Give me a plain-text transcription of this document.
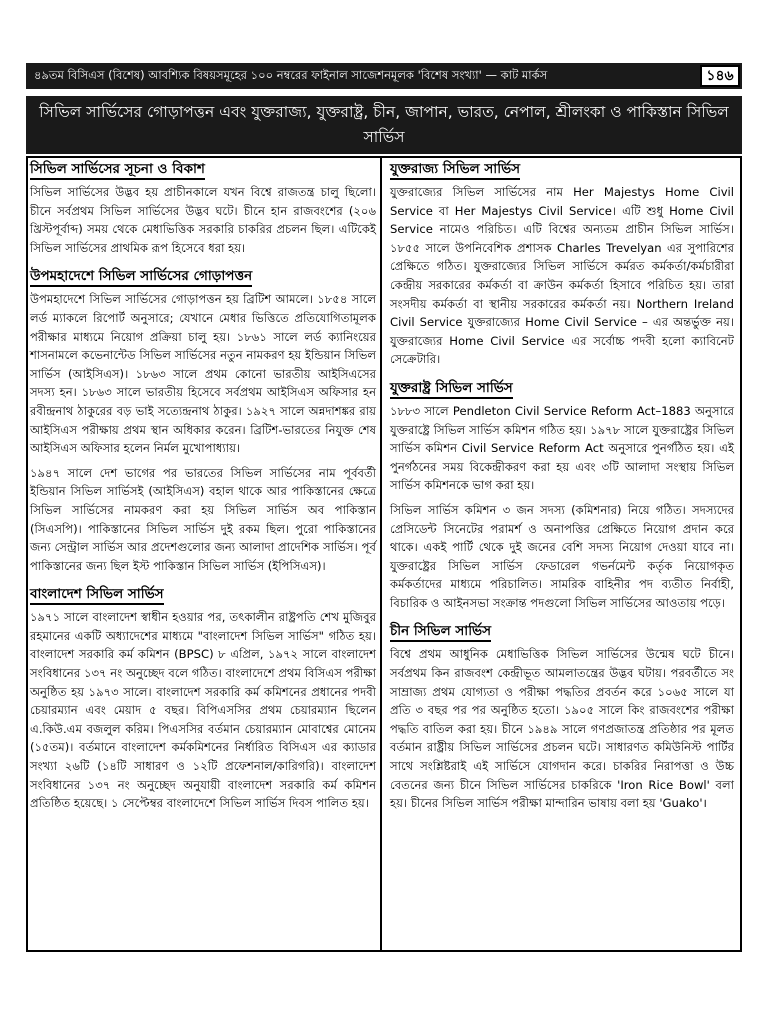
৪৯তম বিসিএস (বিশেষ) আবশ্যিক বিষয়সমূহের ১০০ নম্বরের ফাইনাল সাজেশনমূলক 'বিশেষ সংখ্যা' — কাট মার্কস	১৪৬
সিভিল সার্ভিসের গোড়াপত্তন এবং যুক্তরাজ্য, যুক্তরাষ্ট্র, চীন, জাপান, ভারত, নেপাল, শ্রীলংকা ও পাকিস্তান সিভিল সার্ভিস
সিভিল সার্ভিসের সূচনা ও বিকাশ

সিভিল সার্ভিসের উদ্ভব হয় প্রাচীনকালে যখন বিশ্বে রাজতন্ত্র চালু ছিলো। চীনে সর্বপ্রথম সিভিল সার্ভিসের উদ্ভব ঘটে। চীনে হান রাজবংশের (২০৬ খ্রিস্টপূর্বাব্দ) সময় থেকে মেধাভিত্তিক সরকারি চাকরির প্রচলন ছিল। এটিকেই সিভিল সার্ভিসের প্রাথমিক রূপ হিসেবে ধরা হয়।

উপমহাদেশে সিভিল সার্ভিসের গোড়াপত্তন

উপমহাদেশে সিভিল সার্ভিসের গোড়াপত্তন হয় ব্রিটিশ আমলে। ১৮৫৪ সালে লর্ড ম্যাকলে রিপোর্ট অনুসারে; যেখানে মেধার ভিত্তিতে প্রতিযোগিতামূলক পরীক্ষার মাধ্যমে নিয়োগ প্রক্রিয়া চালু হয়। ১৮৬১ সালে লর্ড ক্যানিংয়ের শাসনামলে কভেনান্টেড সিভিল সার্ভিসের নতুন নামকরণ হয় ইন্ডিয়ান সিভিল সার্ভিস (আইসিএস)। ১৮৬৩ সালে প্রথম কোনো ভারতীয় আইসিএসের সদস্য হন। ১৮৬৩ সালে ভারতীয় হিসেবে সর্বপ্রথম আইসিএস অফিসার হন রবীন্দ্রনাথ ঠাকুরের বড় ভাই সত্যেন্দ্রনাথ ঠাকুর। ১৯২৭ সালে অন্নদাশঙ্কর রায় আইসিএস পরীক্ষায় প্রথম স্থান অধিকার করেন। ব্রিটিশ-ভারতের নিযুক্ত শেষ আইসিএস অফিসার হলেন নির্মল মুখোপাধ্যায়।

১৯৪৭ সালে দেশ ভাগের পর ভারতের সিভিল সার্ভিসের নাম পূর্ববর্তী ইন্ডিয়ান সিভিল সার্ভিসই (আইসিএস) বহাল থাকে আর পাকিস্তানের ক্ষেত্রে সিভিল সার্ভিসের নামকরণ করা হয় সিভিল সার্ভিস অব পাকিস্তান (সিএসপি)। পাকিস্তানের সিভিল সার্ভিস দুই রকম ছিল। পুরো পাকিস্তানের জন্য সেন্ট্রাল সার্ভিস আর প্রদেশগুলোর জন্য আলাদা প্রাদেশিক সার্ভিস। পূর্ব পাকিস্তানের জন্য ছিল ইস্ট পাকিস্তান সিভিল সার্ভিস (ইপিসিএস)।

বাংলাদেশ সিভিল সার্ভিস

১৯৭১ সালে বাংলাদেশ স্বাধীন হওয়ার পর, তৎকালীন রাষ্ট্রপতি শেখ মুজিবুর রহমানের একটি অধ্যাদেশের মাধ্যমে "বাংলাদেশ সিভিল সার্ভিস" গঠিত হয়। বাংলাদেশ সরকারি কর্ম কমিশন (BPSC) ৮ এপ্রিল, ১৯৭২ সালে বাংলাদেশ সংবিধানের ১৩৭ নং অনুচ্ছেদ বলে গঠিত। বাংলাদেশে প্রথম বিসিএস পরীক্ষা অনুষ্ঠিত হয় ১৯৭৩ সালে। বাংলাদেশ সরকারি কর্ম কমিশনের প্রধানের পদবী চেয়ারম্যান এবং মেয়াদ ৫ বছর। বিপিএসসির প্রথম চেয়ারম্যান ছিলেন এ.কিউ.এম বজলুল করিম। পিএসসির বর্তমান চেয়ারম্যান মোবাশ্বের মোনেম (১৫তম)। বর্তমানে বাংলাদেশ কর্মকমিশনের নির্ধারিত বিসিএস এর ক্যাডার সংখ্যা ২৬টি (১৪টি সাধারণ ও ১২টি প্রফেশনাল/কারিগরি)। বাংলাদেশ সংবিধানের ১৩৭ নং অনুচ্ছেদ অনুযায়ী বাংলাদেশ সরকারি কর্ম কমিশন প্রতিষ্ঠিত হয়েছে। ১ সেপ্টেম্বর বাংলাদেশে সিভিল সার্ভিস দিবস পালিত হয়।

যুক্তরাজ্য সিভিল সার্ভিস

যুক্তরাজ্যের সিভিল সার্ভিসের নাম Her Majestys Home Civil Service বা Her Majestys Civil Service। এটি শুধু Home Civil Service নামেও পরিচিত। এটি বিশ্বের অন্যতম প্রাচীন সিভিল সার্ভিস। ১৮৫৫ সালে উপনিবেশিক প্রশাসক Charles Trevelyan এর সুপারিশের প্রেক্ষিতে গঠিত। যুক্তরাজ্যের সিভিল সার্ভিসে কর্মরত কর্মকর্তা/কর্মচারীরা কেন্দ্রীয় সরকারের কর্মকর্তা বা ক্রাউন কর্মকর্তা হিসাবে পরিচিত হয়। তারা সংসদীয় কর্মকর্তা বা স্থানীয় সরকারের কর্মকর্তা নয়। Northern Ireland Civil Service যুক্তরাজ্যের Home Civil Service – এর অন্তর্ভুক্ত নয়। যুক্তরাজ্যের Home Civil Service এর সর্বোচ্চ পদবী হলো ক্যাবিনেট সেক্রেটারি।

যুক্তরাষ্ট্র সিভিল সার্ভিস

১৮৮৩ সালে Pendleton Civil Service Reform Act–1883 অনুসারে যুক্তরাষ্ট্রে সিভিল সার্ভিস কমিশন গঠিত হয়। ১৯৭৮ সালে যুক্তরাষ্ট্রের সিভিল সার্ভিস কমিশন Civil Service Reform Act অনুসারে পুনর্গঠিত হয়। এই পুনর্গঠনের সময় বিকেন্দ্রীকরণ করা হয় এবং ৩টি আলাদা সংস্থায় সিভিল সার্ভিস কমিশনকে ভাগ করা হয়।

সিভিল সার্ভিস কমিশন ৩ জন সদস্য (কমিশনার) নিয়ে গঠিত। সদস্যদের প্রেসিডেন্ট সিনেটের পরামর্শ ও অনাপত্তির প্রেক্ষিতে নিয়োগ প্রদান করে থাকে। একই পার্টি থেকে দুই জনের বেশি সদস্য নিয়োগ দেওয়া যাবে না। যুক্তরাষ্ট্রের সিভিল সার্ভিস ফেডারেল গভর্নমেন্ট কর্তৃক নিয়োগকৃত কর্মকর্তাদের মাধ্যমে পরিচালিত। সামরিক বাহিনীর পদ ব্যতীত নির্বাহী, বিচারিক ও আইনসভা সংক্রান্ত পদগুলো সিভিল সার্ভিসের আওতায় পড়ে।

চীন সিভিল সার্ভিস

বিশ্বে প্রথম আধুনিক মেধাভিত্তিক সিভিল সার্ভিসের উন্মেষ ঘটে চীনে। সর্বপ্রথম কিন রাজবংশ কেন্দ্রীভূত আমলাতন্ত্রের উদ্ভব ঘটায়। পরবর্তীতে সং সাম্রাজ্য প্রথম যোগ্যতা ও পরীক্ষা পদ্ধতির প্রবর্তন করে ১০৬৫ সালে যা প্রতি ৩ বছর পর পর অনুষ্ঠিত হতো। ১৯০৫ সালে কিং রাজবংশের পরীক্ষা পদ্ধতি বাতিল করা হয়। চীনে ১৯৪৯ সালে গণপ্রজাতন্ত্র প্রতিষ্ঠার পর মূলত বর্তমান রাষ্ট্রীয় সিভিল সার্ভিসের প্রচলন ঘটে। সাধারণত কমিউনিস্ট পার্টির সাথে সংশ্লিষ্টরাই এই সার্ভিসে যোগদান করে। চাকরির নিরাপত্তা ও উচ্চ বেতনের জন্য চীনে সিভিল সার্ভিসের চাকরিকে 'Iron Rice Bowl' বলা হয়। চীনের সিভিল সার্ভিস পরীক্ষা মান্দারিন ভাষায় বলা হয় 'Guako'।
